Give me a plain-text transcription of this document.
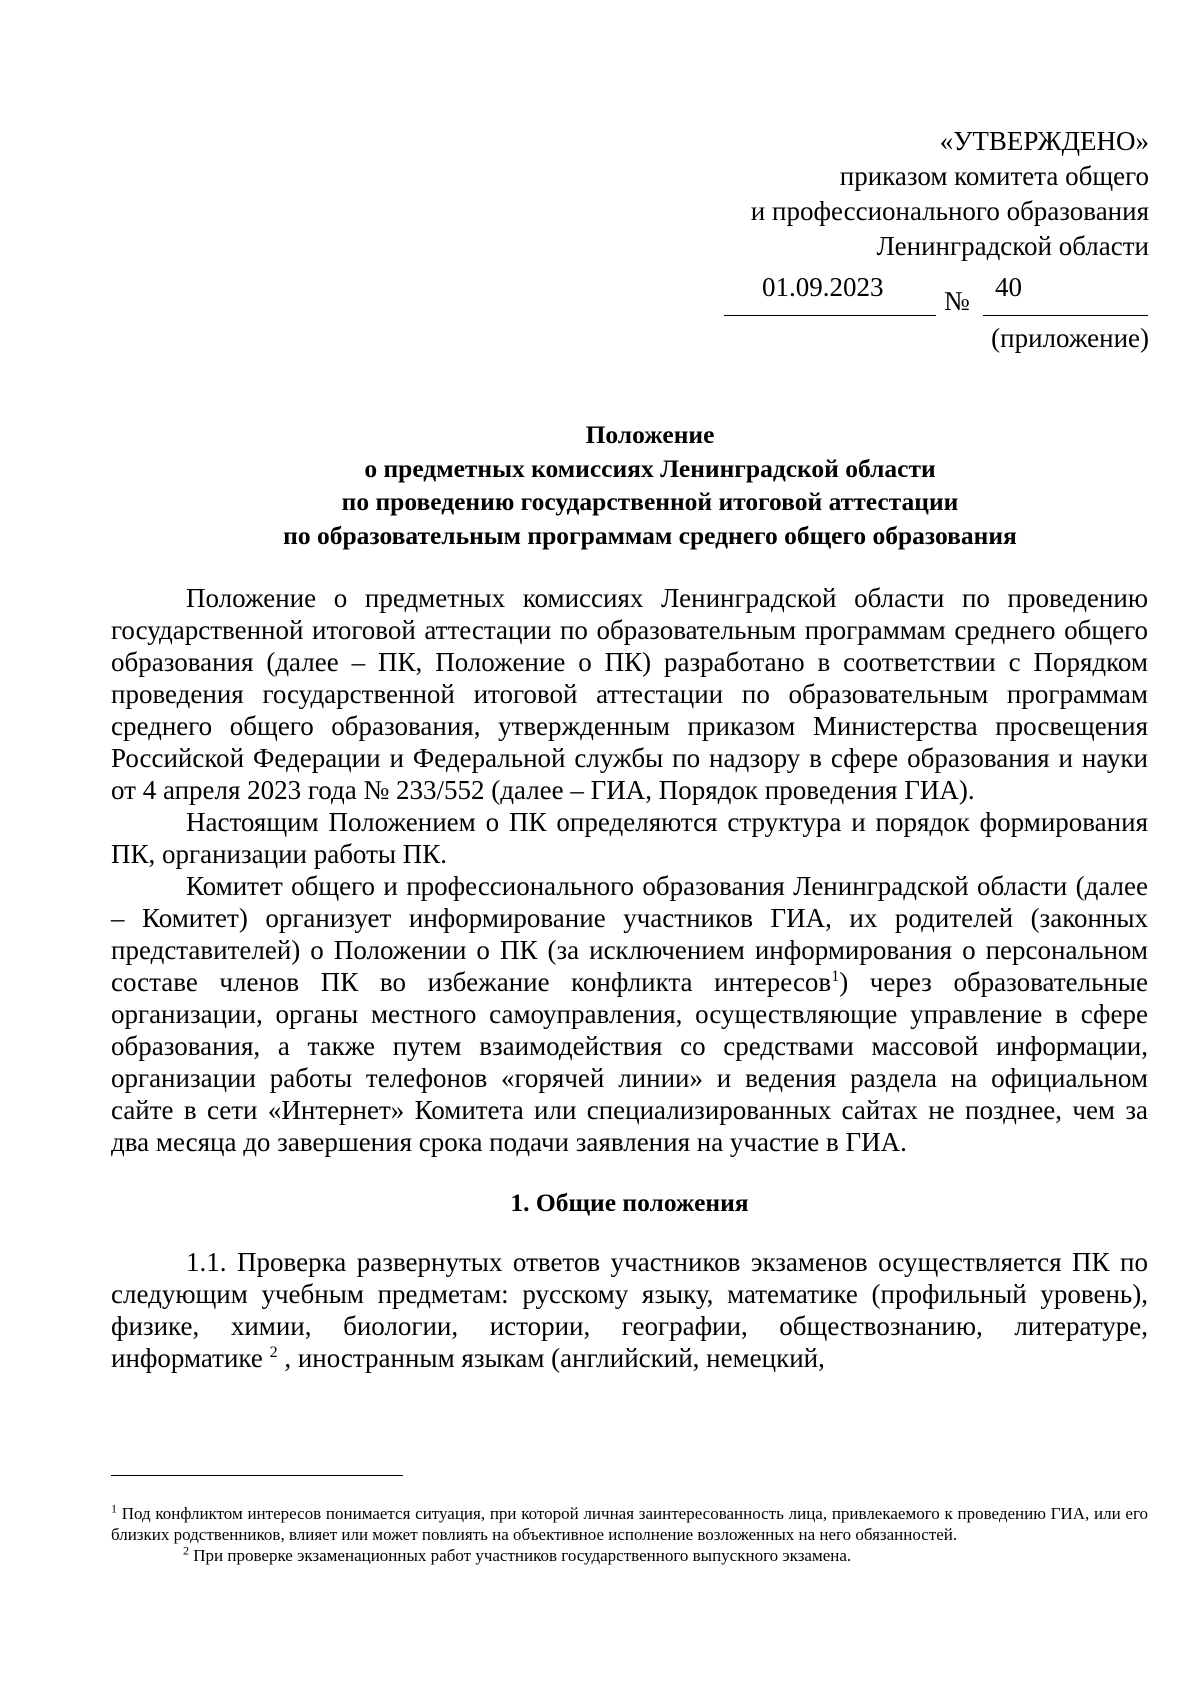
«УТВЕРЖДЕНО»
приказом комитета общего
и профессионального образования
Ленинградской области
01.09.2023 № 40
(приложение)
Положение
о предметных комиссиях Ленинградской области
по проведению государственной итоговой аттестации
по образовательным программам среднего общего образования

Положение о предметных комиссиях Ленинградской области по проведению государственной итоговой аттестации по образовательным программам среднего общего образования (далее – ПК, Положение о ПК) разработано в соответствии с Порядком проведения государственной итоговой аттестации по образовательным программам среднего общего образования, утвержденным приказом Министерства просвещения Российской Федерации и Федеральной службы по надзору в сфере образования и науки от 4 апреля 2023 года № 233/552 (далее – ГИА, Порядок проведения ГИА).

Настоящим Положением о ПК определяются структура и порядок формирования ПК, организации работы ПК.

Комитет общего и профессионального образования Ленинградской области (далее – Комитет) организует информирование участников ГИА, их родителей (законных представителей) о Положении о ПК (за исключением информирования о персональном составе членов ПК во избежание конфликта интересов$^1$) через образовательные организации, органы местного самоуправления, осуществляющие управление в сфере образования, а также путем взаимодействия со средствами массовой информации, организации работы телефонов «горячей линии» и ведения раздела на официальном сайте в сети «Интернет» Комитета или специализированных сайтах не позднее, чем за два месяца до завершения срока подачи заявления на участие в ГИА.

1. Общие положения

1.1. Проверка развернутых ответов участников экзаменов осуществляется ПК по следующим учебным предметам: русскому языку, математике (профильный уровень), физике, химии, биологии, истории, географии, обществознанию, литературе, информатике $^2$ , иностранным языкам (английский, немецкий,

$^1$ Под конфликтом интересов понимается ситуация, при которой личная заинтересованность лица, привлекаемого к проведению ГИА, или его близких родственников, влияет или может повлиять на объективное исполнение возложенных на него обязанностей.

$^2$ При проверке экзаменационных работ участников государственного выпускного экзамена.
